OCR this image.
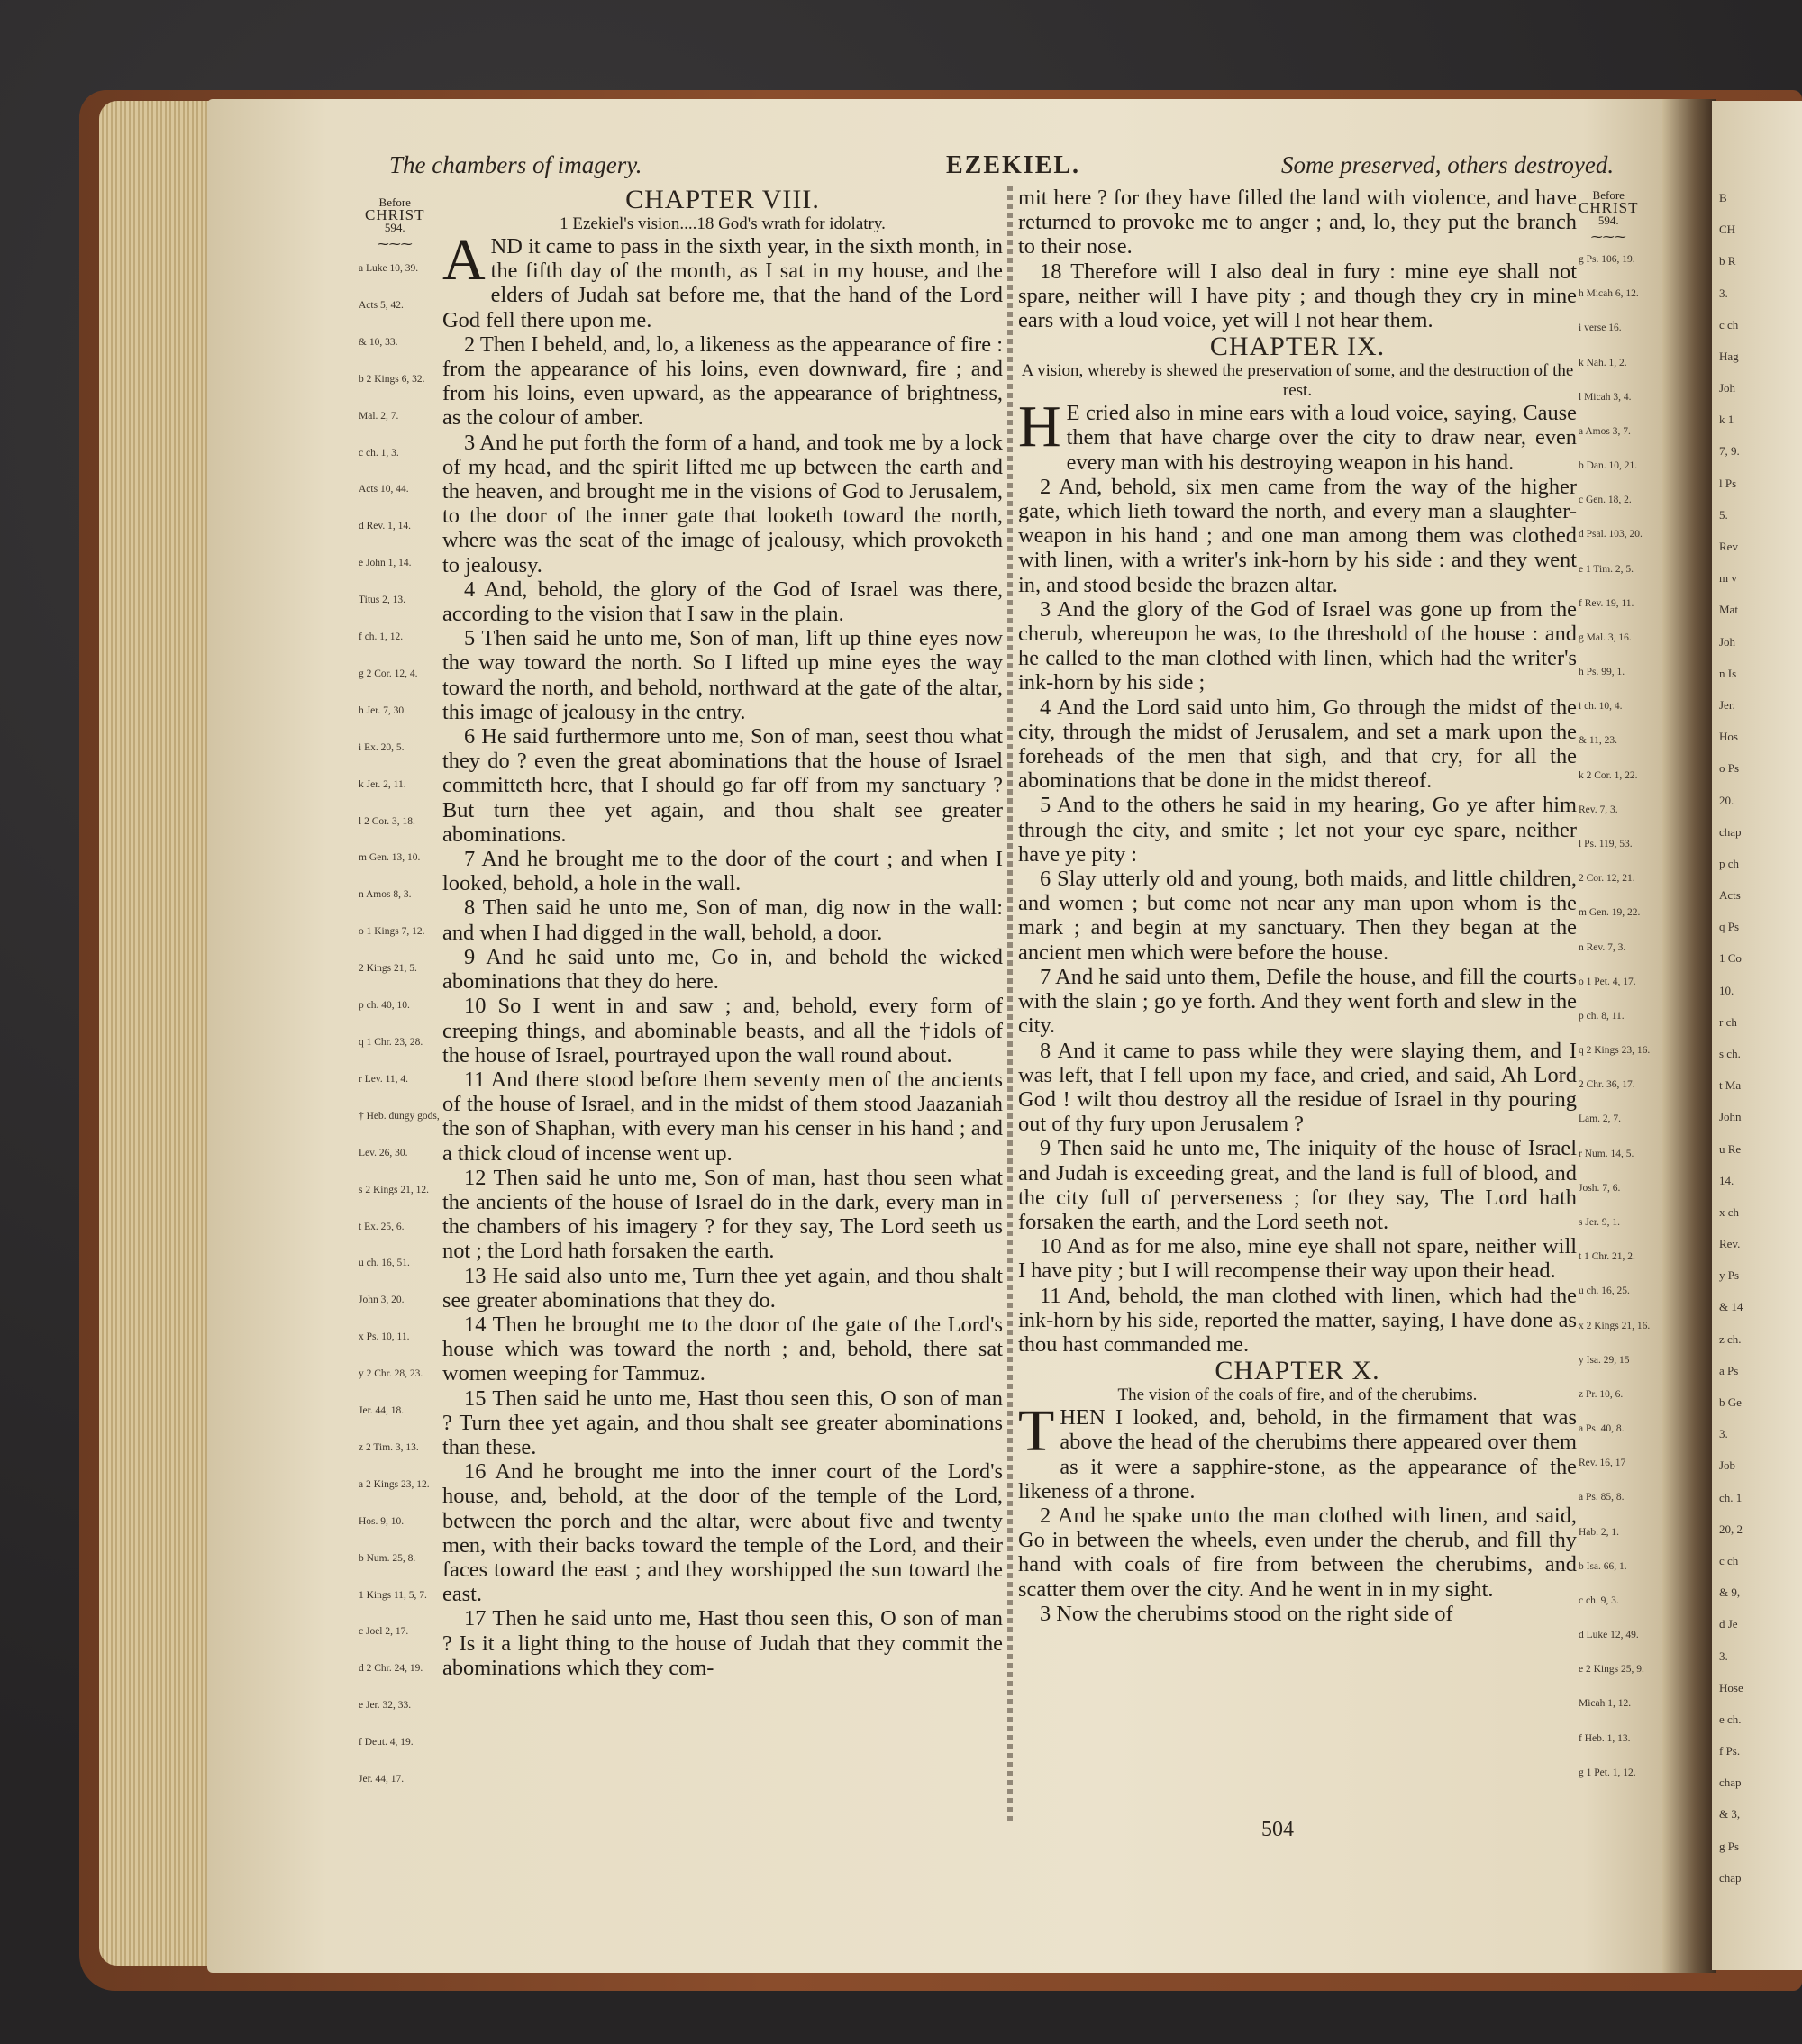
B
CH
b R
3.
c ch
Hag
Joh
k 1
7, 9.
l Ps
5.
Rev
m v
Mat
Joh
n Is
Jer.
Hos
o Ps
20.
chap
p ch
Acts
q Ps
1 Co
10.
r ch
s ch.
t Ma
John
u Re
14.
x ch
Rev.
y Ps
& 14
z ch.
a Ps
b Ge
3.
Job
ch. 1
20, 2
c ch
& 9,
d Je
3.
Hose
e ch.
f Ps.
chap
& 3,
g Ps
chap
The chambers of imagery.	EZEKIEL.	Some preserved, others destroyed.
Before
CHRIST
594.
⁓⁓⁓
Before
CHRIST
594.
⁓⁓⁓
a Luke 10, 39.
Acts 5, 42.
& 10, 33.
b 2 Kings 6, 32.
Mal. 2, 7.
c ch. 1, 3.
Acts 10, 44.
d Rev. 1, 14.
e John 1, 14.
Titus 2, 13.
f ch. 1, 12.
g 2 Cor. 12, 4.
h Jer. 7, 30.
i Ex. 20, 5.
k Jer. 2, 11.
l 2 Cor. 3, 18.
m Gen. 13, 10.
n Amos 8, 3.
o 1 Kings 7, 12.
2 Kings 21, 5.
p ch. 40, 10.
q 1 Chr. 23, 28.
r Lev. 11, 4.
† Heb. dungy gods,
Lev. 26, 30.
s 2 Kings 21, 12.
t Ex. 25, 6.
u ch. 16, 51.
John 3, 20.
x Ps. 10, 11.
y 2 Chr. 28, 23.
Jer. 44, 18.
z 2 Tim. 3, 13.
a 2 Kings 23, 12.
Hos. 9, 10.
b Num. 25, 8.
1 Kings 11, 5, 7.
c Joel 2, 17.
d 2 Chr. 24, 19.
e Jer. 32, 33.
f Deut. 4, 19.
Jer. 44, 17.
g Ps. 106, 19.
h Micah 6, 12.
i verse 16.
k Nah. 1, 2.
l Micah 3, 4.
a Amos 3, 7.
b Dan. 10, 21.
c Gen. 18, 2.
d Psal. 103, 20.
e 1 Tim. 2, 5.
f Rev. 19, 11.
g Mal. 3, 16.
h Ps. 99, 1.
i ch. 10, 4.
& 11, 23.
k 2 Cor. 1, 22.
Rev. 7, 3.
l Ps. 119, 53.
2 Cor. 12, 21.
m Gen. 19, 22.
n Rev. 7, 3.
o 1 Pet. 4, 17.
p ch. 8, 11.
q 2 Kings 23, 16.
2 Chr. 36, 17.
Lam. 2, 7.
r Num. 14, 5.
Josh. 7, 6.
s Jer. 9, 1.
t 1 Chr. 21, 2.
u ch. 16, 25.
x 2 Kings 21, 16.
y Isa. 29, 15
z Pr. 10, 6.
a Ps. 40, 8.
Rev. 16, 17
a Ps. 85, 8.
Hab. 2, 1.
b Isa. 66, 1.
c ch. 9, 3.
d Luke 12, 49.
e 2 Kings 25, 9.
Micah 1, 12.
f Heb. 1, 13.
g 1 Pet. 1, 12.
CHAPTER VIII.

1 Ezekiel's vision....18 God's wrath for idolatry.

AND it came to pass in the sixth year, in the sixth month, in the fifth day of the month, as I sat in my house, and the elders of Judah sat before me, that the hand of the Lord God fell there upon me.

2 Then I beheld, and, lo, a likeness as the appearance of fire : from the appearance of his loins, even downward, fire ; and from his loins, even upward, as the appearance of brightness, as the colour of amber.

3 And he put forth the form of a hand, and took me by a lock of my head, and the spirit lifted me up between the earth and the heaven, and brought me in the visions of God to Jerusalem, to the door of the inner gate that looketh toward the north, where was the seat of the image of jealousy, which provoketh to jealousy.

4 And, behold, the glory of the God of Israel was there, according to the vision that I saw in the plain.

5 Then said he unto me, Son of man, lift up thine eyes now the way toward the north. So I lifted up mine eyes the way toward the north, and behold, northward at the gate of the altar, this image of jealousy in the entry.

6 He said furthermore unto me, Son of man, seest thou what they do ? even the great abominations that the house of Israel committeth here, that I should go far off from my sanctuary ? But turn thee yet again, and thou shalt see greater abominations.

7 And he brought me to the door of the court ; and when I looked, behold, a hole in the wall.

8 Then said he unto me, Son of man, dig now in the wall: and when I had digged in the wall, behold, a door.

9 And he said unto me, Go in, and behold the wicked abominations that they do here.

10 So I went in and saw ; and, behold, every form of creeping things, and abominable beasts, and all the †idols of the house of Israel, pourtrayed upon the wall round about.

11 And there stood before them seventy men of the ancients of the house of Israel, and in the midst of them stood Jaazaniah the son of Shaphan, with every man his censer in his hand ; and a thick cloud of incense went up.

12 Then said he unto me, Son of man, hast thou seen what the ancients of the house of Israel do in the dark, every man in the chambers of his imagery ? for they say, The Lord seeth us not ; the Lord hath forsaken the earth.

13 He said also unto me, Turn thee yet again, and thou shalt see greater abominations that they do.

14 Then he brought me to the door of the gate of the Lord's house which was toward the north ; and, behold, there sat women weeping for Tammuz.

15 Then said he unto me, Hast thou seen this, O son of man ? Turn thee yet again, and thou shalt see greater abominations than these.

16 And he brought me into the inner court of the Lord's house, and, behold, at the door of the temple of the Lord, between the porch and the altar, were about five and twenty men, with their backs toward the temple of the Lord, and their faces toward the east ; and they worshipped the sun toward the east.

17 Then he said unto me, Hast thou seen this, O son of man ? Is it a light thing to the house of Judah that they commit the abominations which they com-

mit here ? for they have filled the land with violence, and have returned to provoke me to anger ; and, lo, they put the branch to their nose.

18 Therefore will I also deal in fury : mine eye shall not spare, neither will I have pity ; and though they cry in mine ears with a loud voice, yet will I not hear them.

CHAPTER IX.

A vision, whereby is shewed the preservation of some, and the destruction of the rest.

H E cried also in mine ears with a loud voice, saying, Cause them that have charge over the city to draw near, even every man with his destroying weapon in his hand.

2 And, behold, six men came from the way of the higher gate, which lieth toward the north, and every man a slaughter-weapon in his hand ; and one man among them was clothed with linen, with a writer's ink-horn by his side : and they went in, and stood beside the brazen altar.

3 And the glory of the God of Israel was gone up from the cherub, whereupon he was, to the threshold of the house : and he called to the man clothed with linen, which had the writer's ink-horn by his side ;

4 And the Lord said unto him, Go through the midst of the city, through the midst of Jerusalem, and set a mark upon the foreheads of the men that sigh, and that cry, for all the abominations that be done in the midst thereof.

5 And to the others he said in my hearing, Go ye after him through the city, and smite ; let not your eye spare, neither have ye pity :

6 Slay utterly old and young, both maids, and little children, and women ; but come not near any man upon whom is the mark ; and begin at my sanctuary. Then they began at the ancient men which were before the house.

7 And he said unto them, Defile the house, and fill the courts with the slain ; go ye forth. And they went forth and slew in the city.

8 And it came to pass while they were slaying them, and I was left, that I fell upon my face, and cried, and said, Ah Lord God ! wilt thou destroy all the residue of Israel in thy pouring out of thy fury upon Jerusalem ?

9 Then said he unto me, The iniquity of the house of Israel and Judah is exceeding great, and the land is full of blood, and the city full of perverseness ; for they say, The Lord hath forsaken the earth, and the Lord seeth not.

10 And as for me also, mine eye shall not spare, neither will I have pity ; but I will recompense their way upon their head.

11 And, behold, the man clothed with linen, which had the ink-horn by his side, reported the matter, saying, I have done as thou hast commanded me.

CHAPTER X.

The vision of the coals of fire, and of the cherubims.

THEN I looked, and, behold, in the firmament that was above the head of the cherubims there appeared over them as it were a sapphire-stone, as the appearance of the likeness of a throne.

2 And he spake unto the man clothed with linen, and said, Go in between the wheels, even under the cherub, and fill thy hand with coals of fire from between the cherubims, and scatter them over the city. And he went in in my sight.

3 Now the cherubims stood on the right side of

504
